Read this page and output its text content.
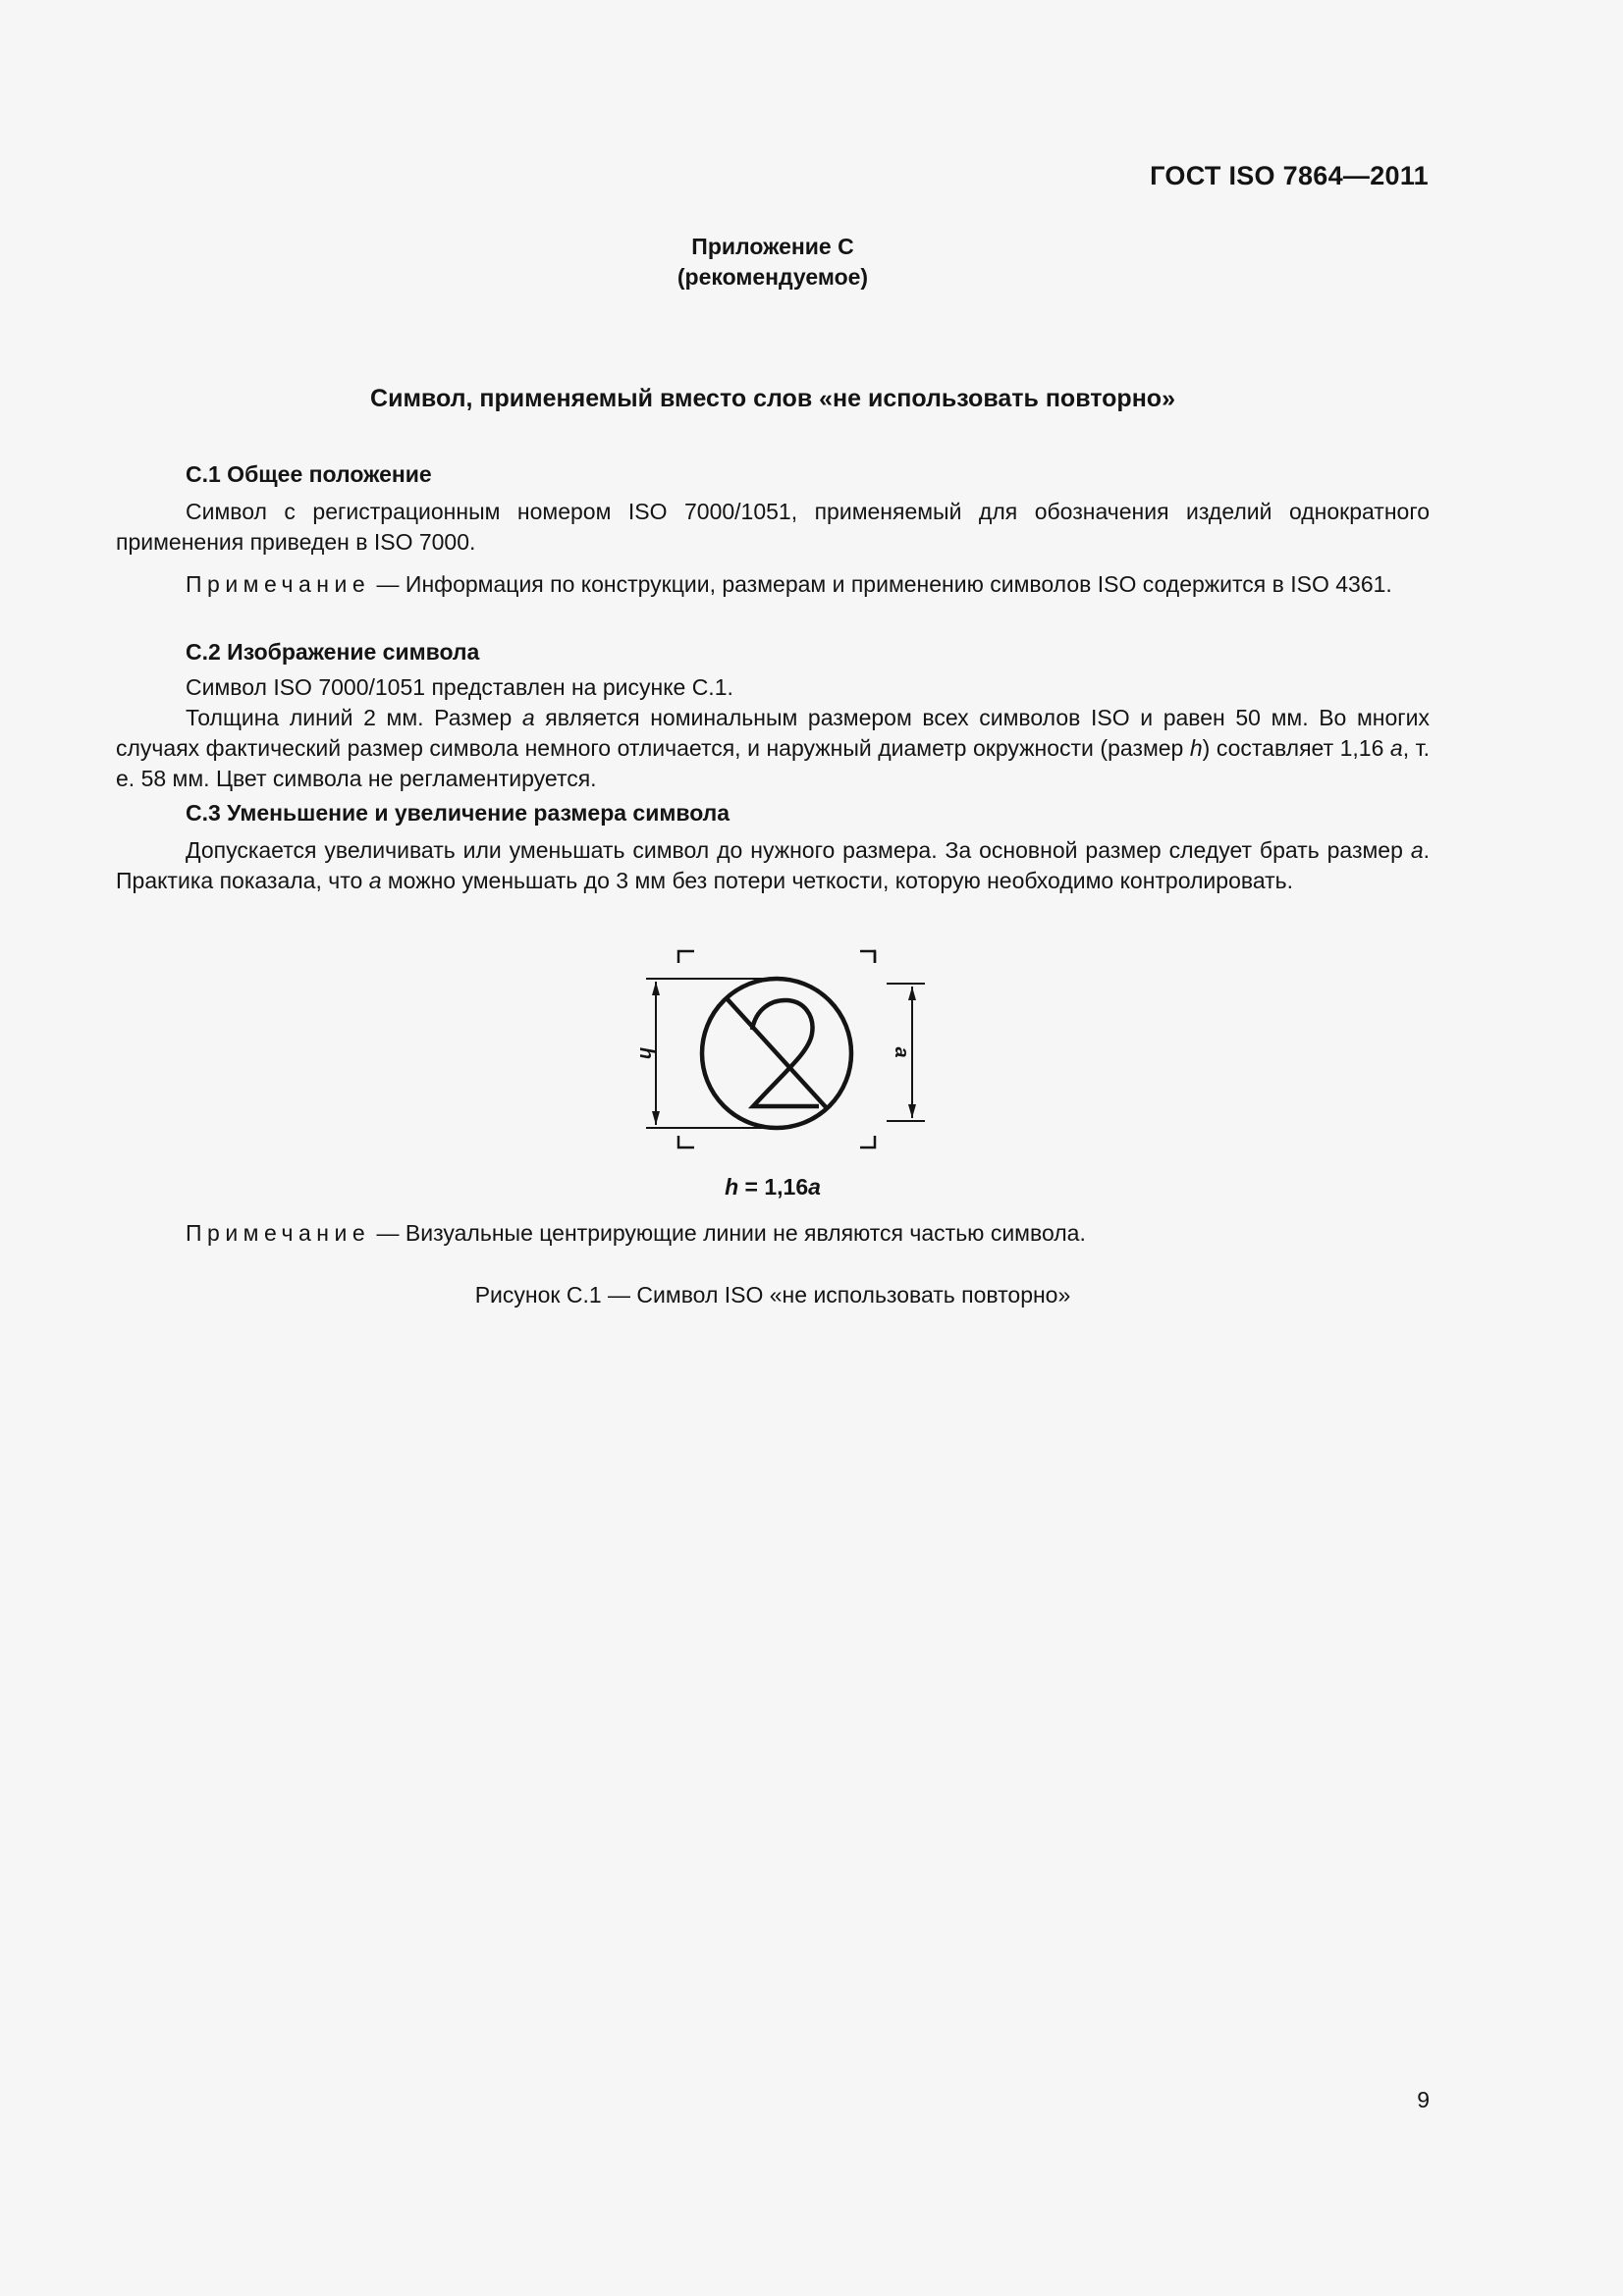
ГОСТ ISO 7864—2011
Приложение С
(рекомендуемое)
Символ, применяемый вместо слов «не использовать повторно»
С.1 Общее положение

Символ с регистрационным номером ISO 7000/1051, применяемый для обозначения изделий однократного применения приведен в ISO 7000.

Примечание — Информация по конструкции, размерам и применению символов ISO содержится в ISO 4361.

С.2 Изображение символа

Символ ISO 7000/1051 представлен на рисунке С.1.

Толщина линий 2 мм. Размер a является номинальным размером всех символов ISO и равен 50 мм. Во многих случаях фактический размер символа немного отличается, и наружный диаметр окружности (размер h) составляет 1,16 a, т. е. 58 мм. Цвет символа не регламентируется.

С.3 Уменьшение и увеличение размера символа

Допускается увеличивать или уменьшать символ до нужного размера. За основной размер следует брать размер a. Практика показала, что a можно уменьшать до 3 мм без потери четкости, которую необходимо контролировать.

h	a
h = 1,16a
Примечание — Визуальные центрирующие линии не являются частью символа.
Рисунок С.1 — Символ ISO «не использовать повторно»
9
